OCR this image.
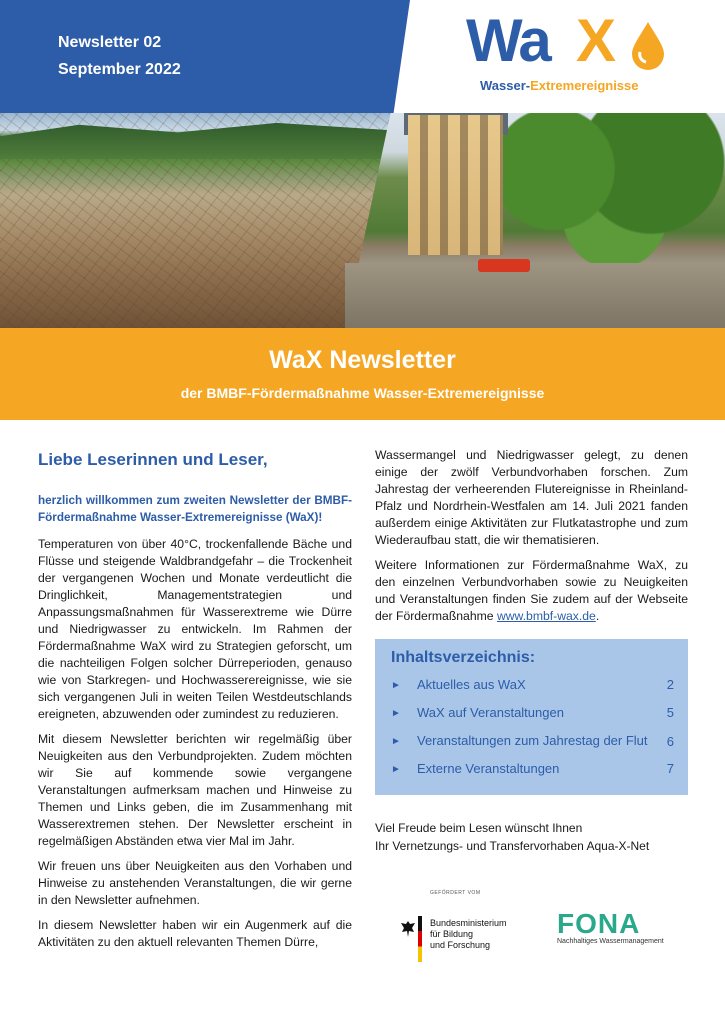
Newsletter 02
September 2022	Wa X
Wasser-Extremereignisse
WaX Newsletter
der BMBF-Fördermaßnahme Wasser-Extremereignisse
Liebe Leserinnen und Leser,
herzlich willkommen zum zweiten Newsletter der BMBF-Fördermaßnahme Wasser-Extremereignisse (WaX)!

Temperaturen von über 40°C, trockenfallende Bäche und Flüsse und steigende Waldbrandgefahr – die Trockenheit der vergangenen Wochen und Monate verdeutlicht die Dringlichkeit, Managementstrategien und Anpassungsmaßnahmen für Wasserextreme wie Dürre und Niedrigwasser zu entwickeln. Im Rahmen der Fördermaßnahme WaX wird zu Strategien geforscht, um die nachteiligen Folgen solcher Dürreperioden, genauso wie von Starkregen- und Hochwasserereignisse, wie sie sich vergangenen Juli in weiten Teilen Westdeutschlands ereigneten, abzuwenden oder zumindest zu reduzieren.

Mit diesem Newsletter berichten wir regelmäßig über Neuigkeiten aus den Verbundprojekten. Zudem möchten wir Sie auf kommende sowie vergangene Veranstaltungen aufmerksam machen und Hinweise zu Themen und Links geben, die im Zusammenhang mit Wasserextremen stehen. Der Newsletter erscheint in regelmäßigen Abständen etwa vier Mal im Jahr.

Wir freuen uns über Neuigkeiten aus den Vorhaben und Hinweise zu anstehenden Veranstaltungen, die wir gerne in den Newsletter aufnehmen.

In diesem Newsletter haben wir ein Augenmerk auf die Aktivitäten zu den aktuell relevanten Themen Dürre,

Wassermangel und Niedrigwasser gelegt, zu denen einige der zwölf Verbundvorhaben forschen. Zum Jahrestag der verheerenden Flutereignisse in Rheinland-Pfalz und Nordrhein-Westfalen am 14. Juli 2021 fanden außerdem einige Aktivitäten zur Flutkatastrophe und zum Wiederaufbau statt, die wir thematisieren.

Weitere Informationen zur Fördermaßnahme WaX, zu den einzelnen Verbundvorhaben sowie zu Neuigkeiten und Veranstaltungen finden Sie zudem auf der Webseite der Fördermaßnahme www.bmbf-wax.de.

Inhaltsverzeichnis:
►	Aktuelles aus WaX	2
►	WaX auf Veranstaltungen	5
►	Veranstaltungen zum Jahrestag der Flut	6
►	Externe Veranstaltungen	7
Viel Freude beim Lesen wünscht Ihnen
Ihr Vernetzungs- und Transfervorhaben Aqua-X-Net
GEFÖRDERT VOM
Bundesministerium
für Bildung
und Forschung
FONA
Nachhaltiges Wassermanagement
